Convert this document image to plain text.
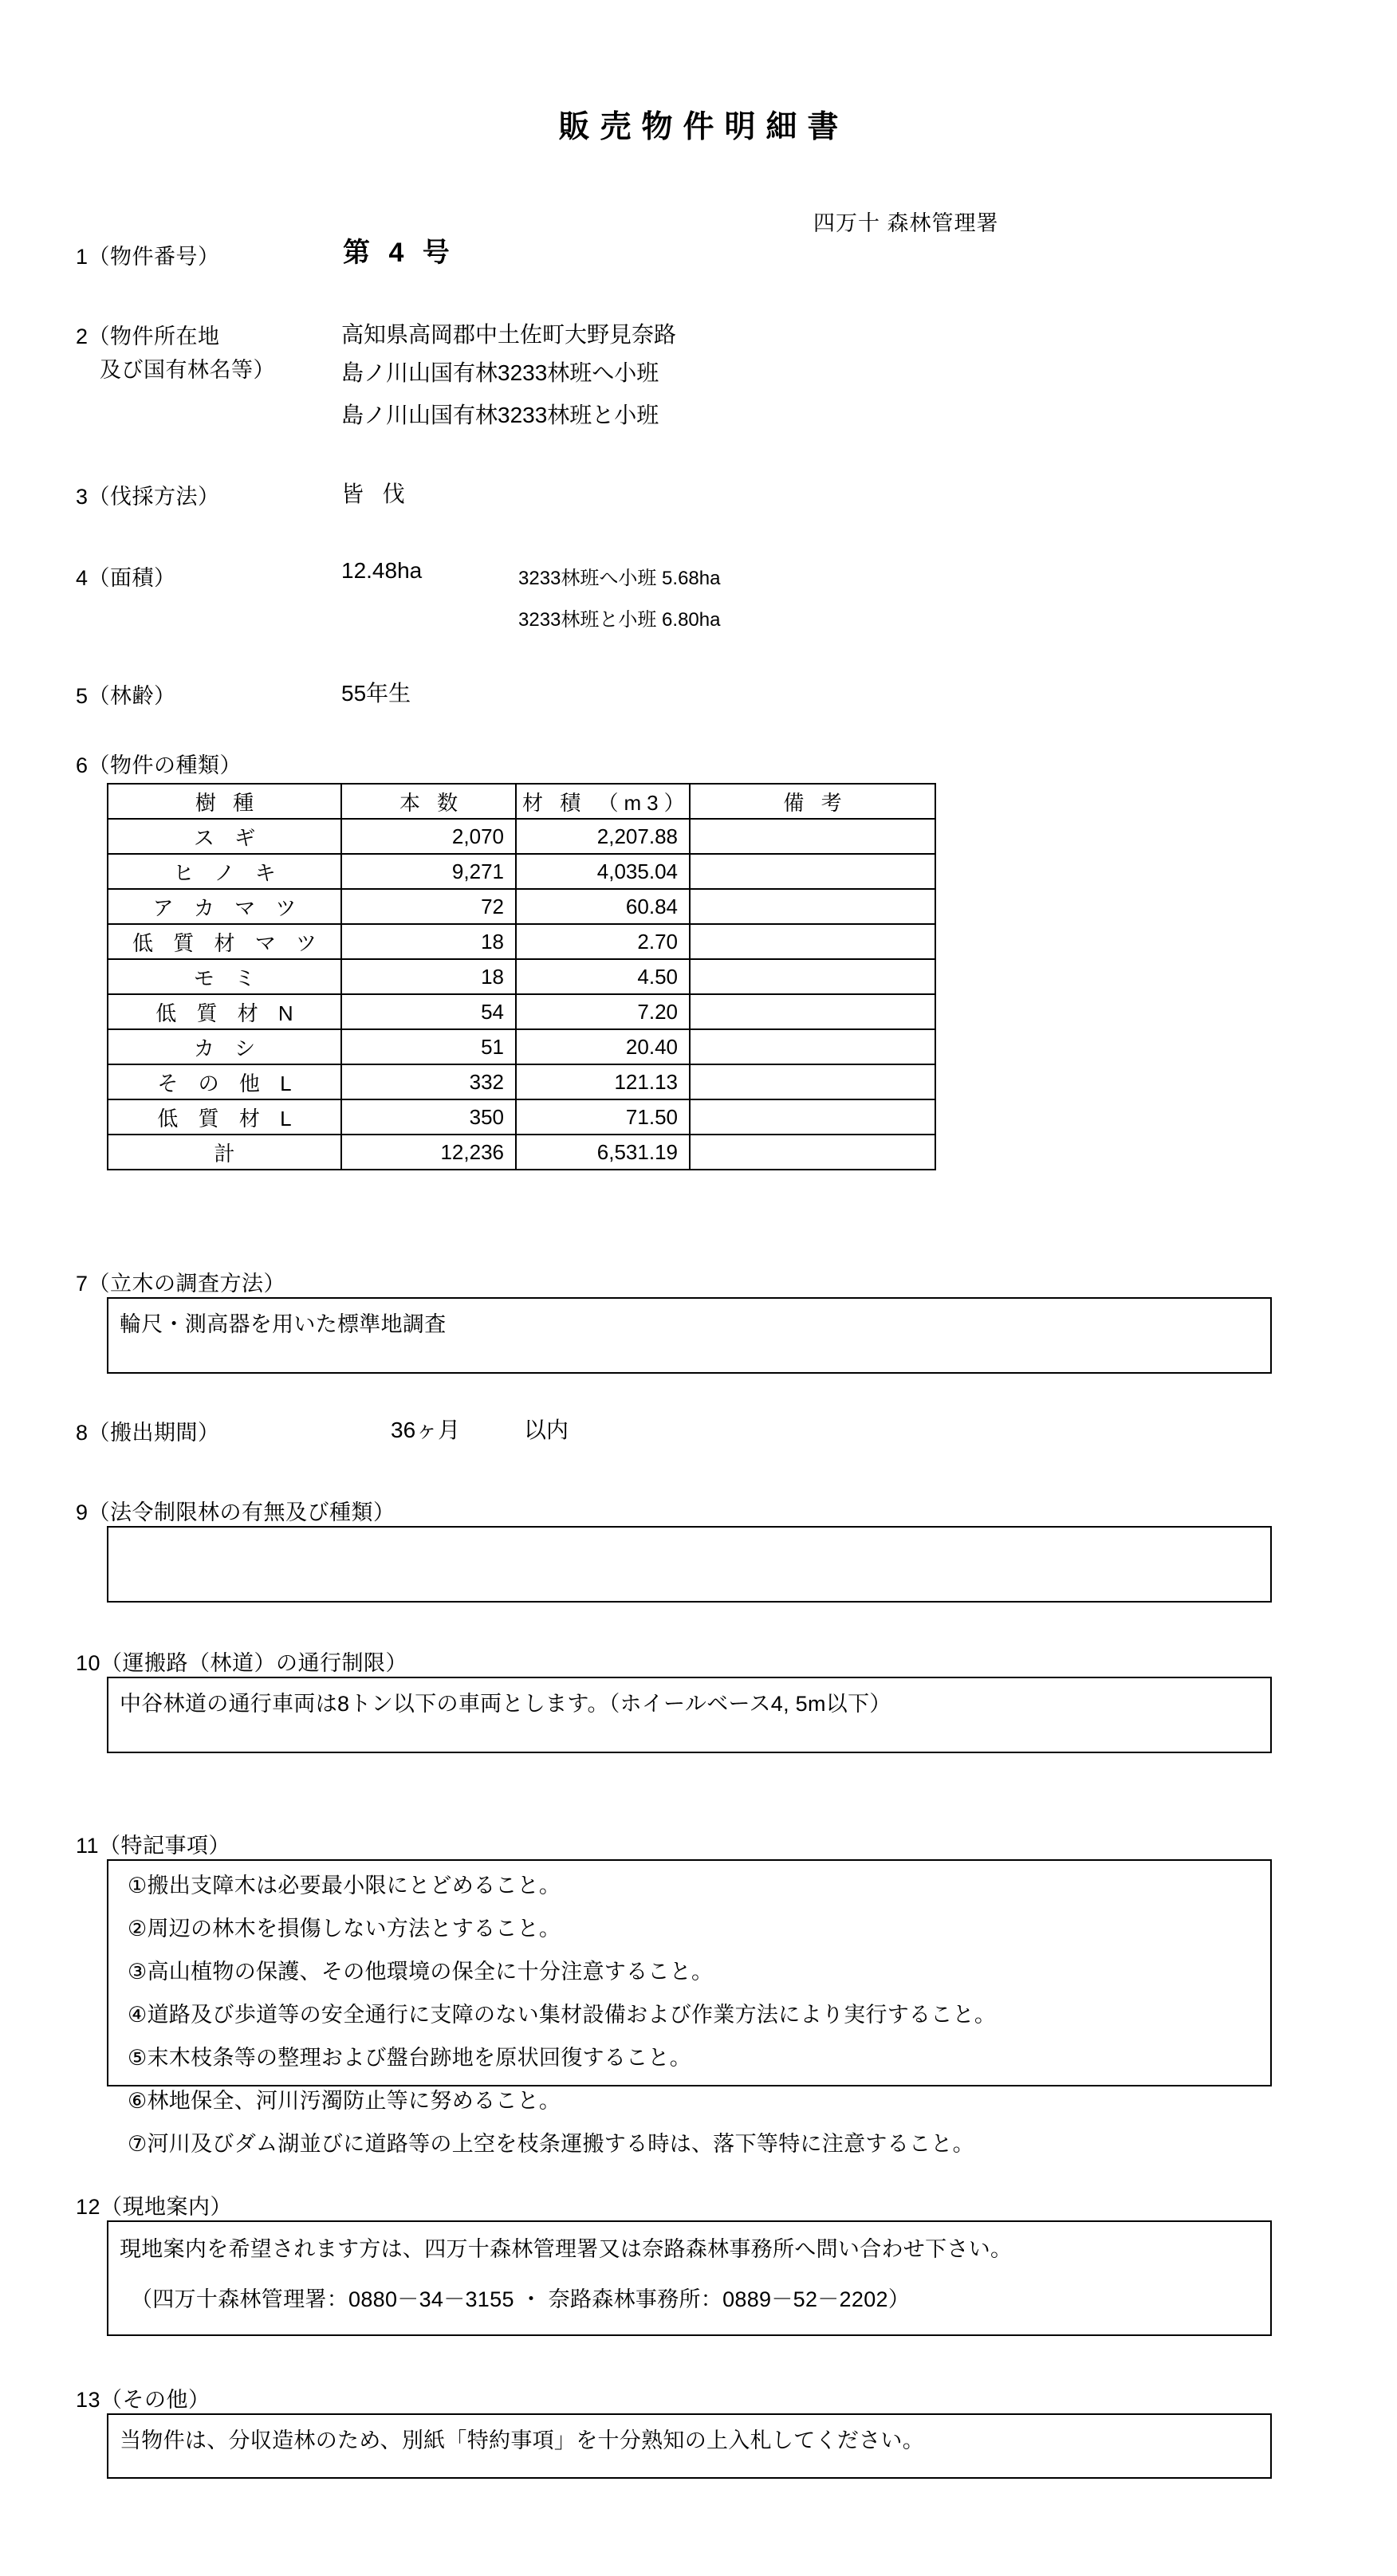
販売物件明細書
四万十 森林管理署
1（物件番号）	第 4 号
2（物件所在地
及び国有林名等）
高知県高岡郡中土佐町大野見奈路
島ノ川山国有林3233林班へ小班
島ノ川山国有林3233林班と小班
3（伐採方法）	皆 伐
4（面積）	12.48ha	3233林班へ小班 5.68ha
3233林班と小班 6.80ha
5（林齢）	55年生
6（物件の種類）
樹 種	本 数	材 積 （m3）	備 考
ス ギ	2,070	2,207.88	
ヒ ノ キ	9,271	4,035.04	
ア カ マ ツ	72	60.84	
低 質 材 マ ツ	18	2.70	
モ ミ	18	4.50	
低 質 材 N	54	7.20	
カ シ	51	20.40	
そ の 他 L	332	121.13	
低 質 材 L	350	71.50	
計	12,236	6,531.19	
7（立木の調査方法）
輪尺・測高器を用いた標準地調査
8（搬出期間）	36ヶ月	以内
9（法令制限林の有無及び種類）
10（運搬路（林道）の通行制限）
中谷林道の通行車両は8トン以下の車両とします。（ホイールベース4, 5m以下）
11（特記事項）
①搬出支障木は必要最小限にとどめること。
②周辺の林木を損傷しない方法とすること。
③高山植物の保護、その他環境の保全に十分注意すること。
④道路及び歩道等の安全通行に支障のない集材設備および作業方法により実行すること。
⑤末木枝条等の整理および盤台跡地を原状回復すること。
⑥林地保全、河川汚濁防止等に努めること。
⑦河川及びダム湖並びに道路等の上空を枝条運搬する時は、落下等特に注意すること。
12（現地案内）
現地案内を希望されます方は、四万十森林管理署又は奈路森林事務所へ問い合わせ下さい。
（四万十森林管理署：0880－34－3155 ・ 奈路森林事務所：0889－52－2202）
13（その他）
当物件は、分収造林のため、別紙「特約事項」を十分熟知の上入札してください。
